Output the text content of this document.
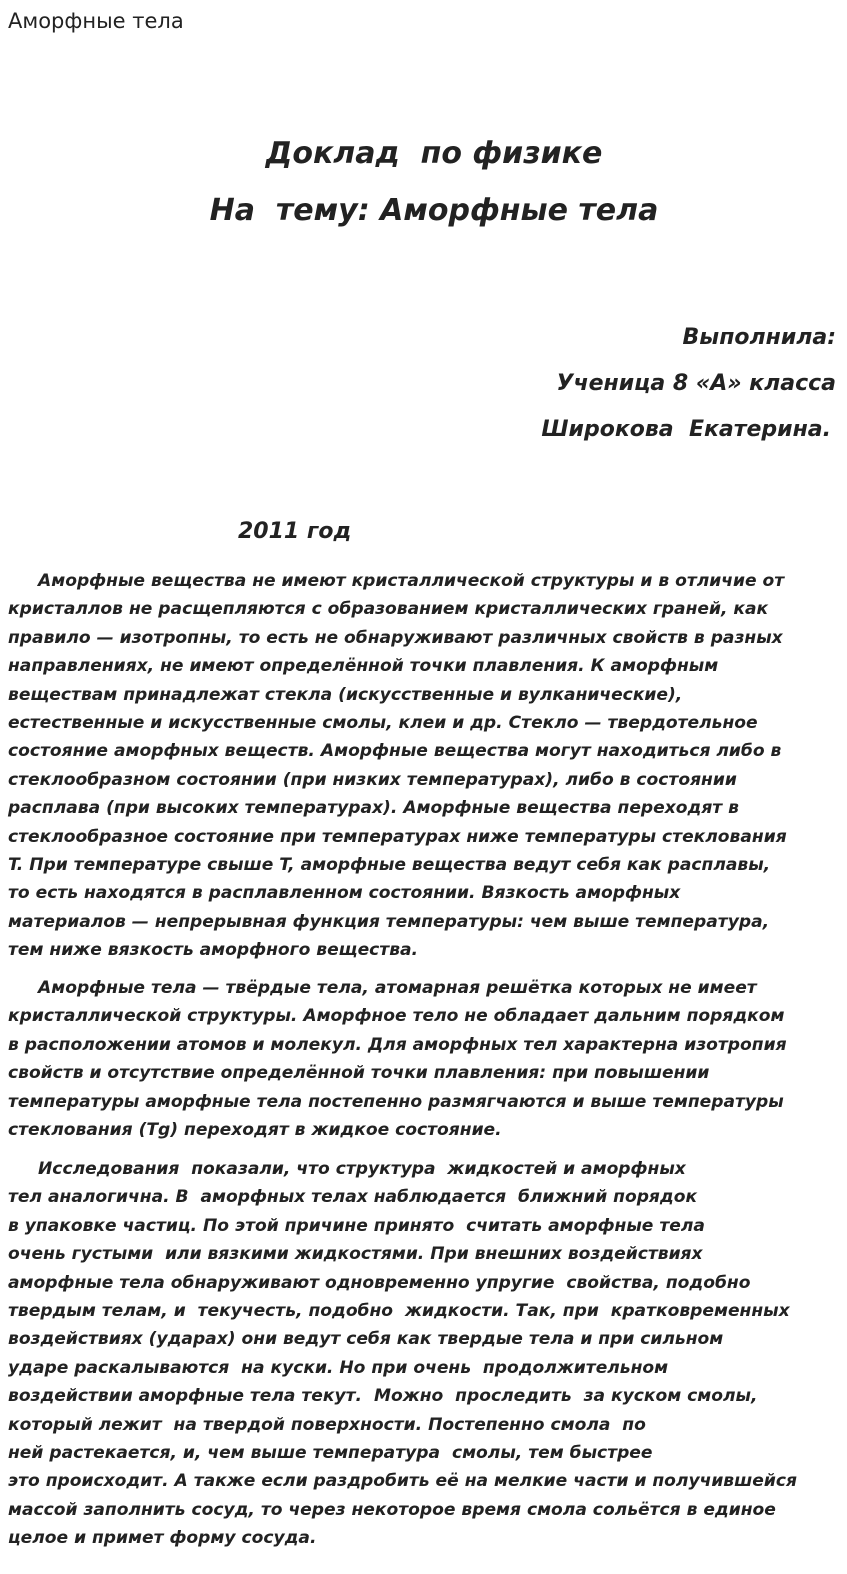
Аморфные тела
Доклад  по физике
На  тему: Аморфные тела
Выполнила:
Ученица 8 «А» класса
Широкова  Екатерина.
2011 год
Аморфные вещества не имеют кристаллической структуры и в отличие от
кристаллов не расщепляются с образованием кристаллических граней, как
правило — изотропны, то есть не обнаруживают различных свойств в разных
направлениях, не имеют определённой точки плавления. К аморфным
веществам принадлежат стекла (искусственные и вулканические),
естественные и искусственные смолы, клеи и др. Стекло — твердотельное
состояние аморфных веществ. Аморфные вещества могут находиться либо в
стеклообразном состоянии (при низких температурах), либо в состоянии
расплава (при высоких температурах). Аморфные вещества переходят в
стеклообразное состояние при температурах ниже температуры стеклования
T. При температуре свыше T, аморфные вещества ведут себя как расплавы,
то есть находятся в расплавленном состоянии. Вязкость аморфных
материалов — непрерывная функция температуры: чем выше температура,
тем ниже вязкость аморфного вещества.
Аморфные тела — твёрдые тела, атомарная решётка которых не имеет
кристаллической структуры. Аморфное тело не обладает дальним порядком
в расположении атомов и молекул. Для аморфных тел характерна изотропия
свойств и отсутствие определённой точки плавления: при повышении
температуры аморфные тела постепенно размягчаются и выше температуры
стеклования (Tg) переходят в жидкое состояние.
Исследования  показали, что структура  жидкостей и аморфных
тел аналогична. В  аморфных телах наблюдается  ближний порядок
в упаковке частиц. По этой причине принято  считать аморфные тела
очень густыми  или вязкими жидкостями. При внешних воздействиях
аморфные тела обнаруживают одновременно упругие  свойства, подобно
твердым телам, и  текучесть, подобно  жидкости. Так, при  кратковременных
воздействиях (ударах) они ведут себя как твердые тела и при сильном
ударе раскалываются  на куски. Но при очень  продолжительном
воздействии аморфные тела текут.  Можно  проследить  за куском смолы,
который лежит  на твердой поверхности. Постепенно смола  по
ней растекается, и, чем выше температура  смолы, тем быстрее
это происходит. А также если раздробить её на мелкие части и получившейся
массой заполнить сосуд, то через некоторое время смола сольётся в единое
целое и примет форму сосуда.
